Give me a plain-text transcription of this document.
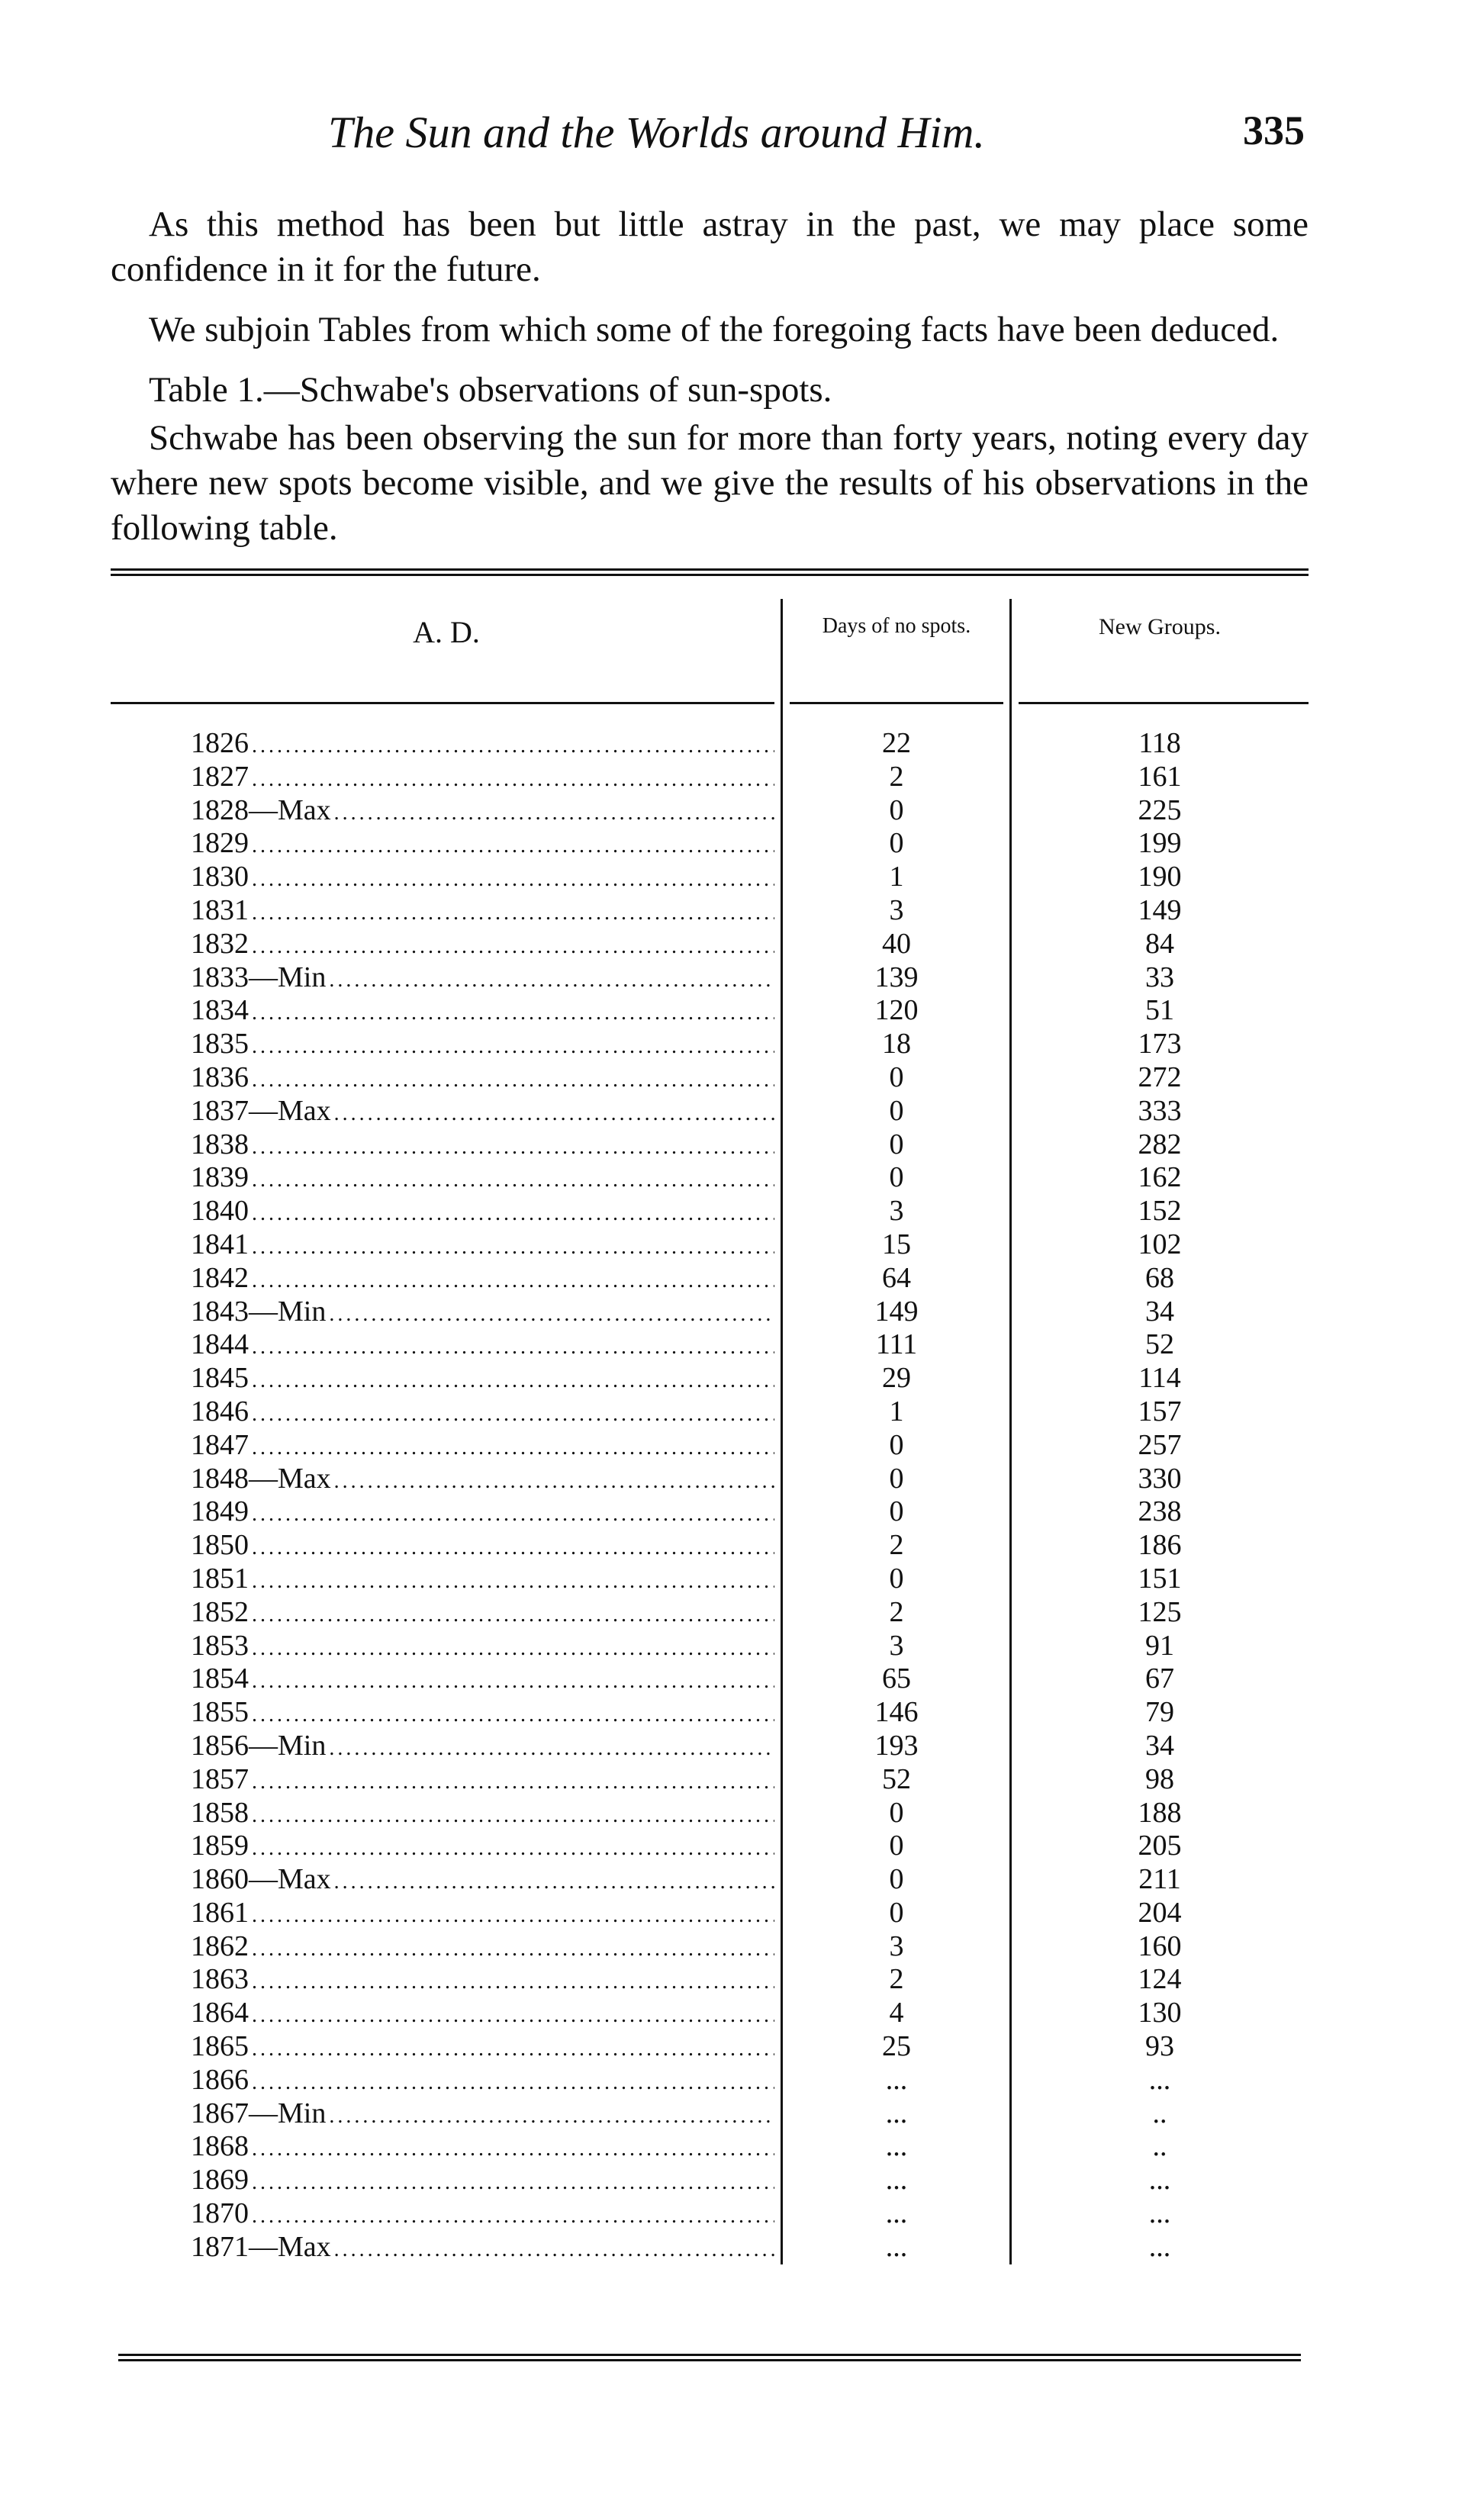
The Sun and the Worlds around Him.	335

As this method has been but little astray in the past, we may place some confidence in it for the future.

We subjoin Tables from which some of the foregoing facts have been deduced.

Table 1.—Schwabe's observations of sun-spots.

Schwabe has been observing the sun for more than forty years, noting every day where new spots become visible, and we give the results of his observations in the following table.

A. D.	Days of no spots.	New Groups.
1826 .....	22	118
1827 .....	2	161
1828—Max .....	0	225
1829 .....	0	199
1830 .....	1	190
1831 .....	3	149
1832 .....	40	84
1833—Min .....	139	33
1834 .....	120	51
1835 .....	18	173
1836 .....	0	272
1837—Max .....	0	333
1838 .....	0	282
1839 .....	0	162
1840 .....	3	152
1841 .....	15	102
1842 .....	64	68
1843—Min .....	149	34
1844 .....	111	52
1845 .....	29	114
1846 .....	1	157
1847 .....	0	257
1848—Max .....	0	330
1849 .....	0	238
1850 .....	2	186
1851 .....	0	151
1852 .....	2	125
1853 .....	3	91
1854 .....	65	67
1855 .....	146	79
1856—Min .....	193	34
1857 .....	52	98
1858 .....	0	188
1859 .....	0	205
1860—Max .....	0	211
1861 .....	0	204
1862 .....	3	160
1863 .....	2	124
1864 .....	4	130
1865 .....	25	93
1866 .....	...	...
1867—Min .....	...	..
1868 .....	...	..
1869 .....	...	...
1870 .....	...	...
1871—Max .....	...	...
